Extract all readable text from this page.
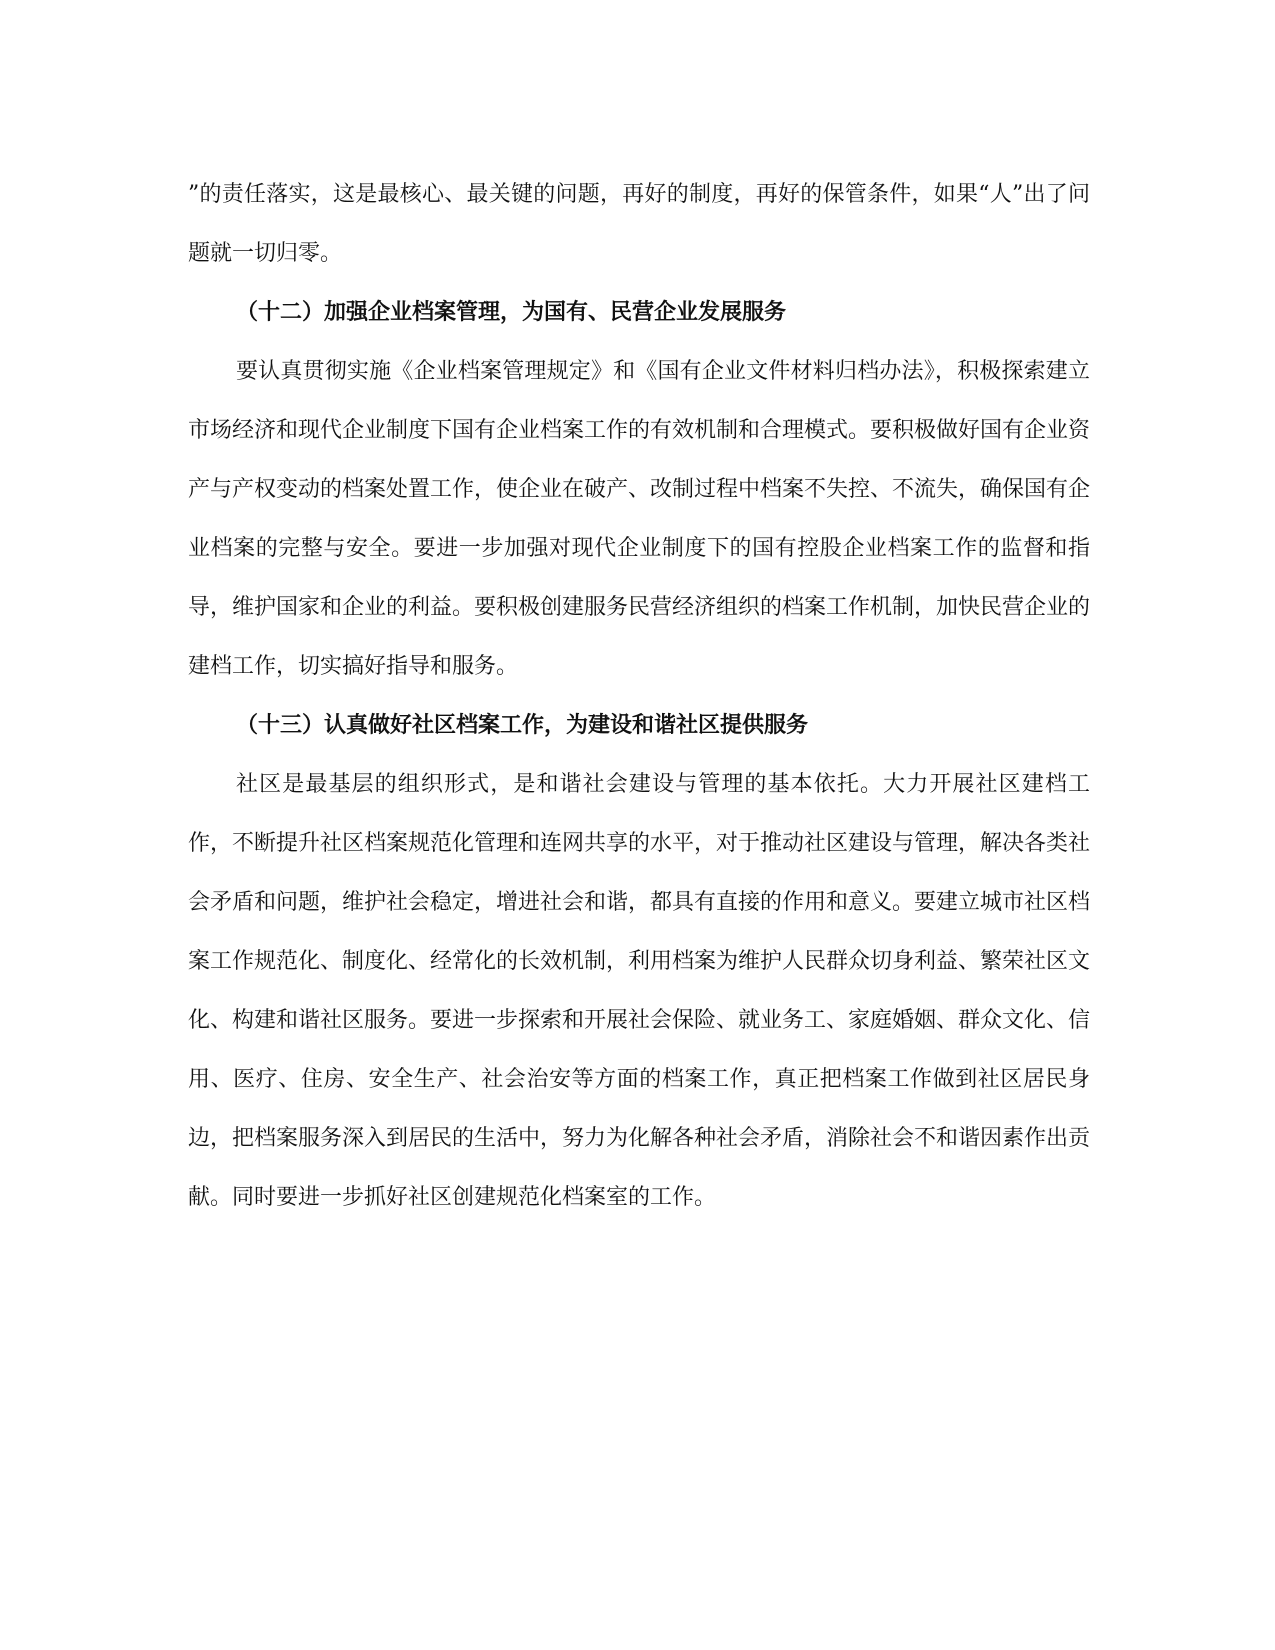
”的责任落实，这是最核心、最关键的问题，再好的制度，再好的保管条件，如果“人”出了问题就一切归零。

（十二）加强企业档案管理，为国有、民营企业发展服务

要认真贯彻实施《企业档案管理规定》和《国有企业文件材料归档办法》，积极探索建立市场经济和现代企业制度下国有企业档案工作的有效机制和合理模式。要积极做好国有企业资产与产权变动的档案处置工作，使企业在破产、改制过程中档案不失控、不流失，确保国有企业档案的完整与安全。要进一步加强对现代企业制度下的国有控股企业档案工作的监督和指导，维护国家和企业的利益。要积极创建服务民营经济组织的档案工作机制，加快民营企业的建档工作，切实搞好指导和服务。

（十三）认真做好社区档案工作，为建设和谐社区提供服务

社区是最基层的组织形式，是和谐社会建设与管理的基本依托。大力开展社区建档工作，不断提升社区档案规范化管理和连网共享的水平，对于推动社区建设与管理，解决各类社会矛盾和问题，维护社会稳定，增进社会和谐，都具有直接的作用和意义。要建立城市社区档案工作规范化、制度化、经常化的长效机制，利用档案为维护人民群众切身利益、繁荣社区文化、构建和谐社区服务。要进一步探索和开展社会保险、就业务工、家庭婚姻、群众文化、信用、医疗、住房、安全生产、社会治安等方面的档案工作，真正把档案工作做到社区居民身边，把档案服务深入到居民的生活中，努力为化解各种社会矛盾，消除社会不和谐因素作出贡献。同时要进一步抓好社区创建规范化档案室的工作。
